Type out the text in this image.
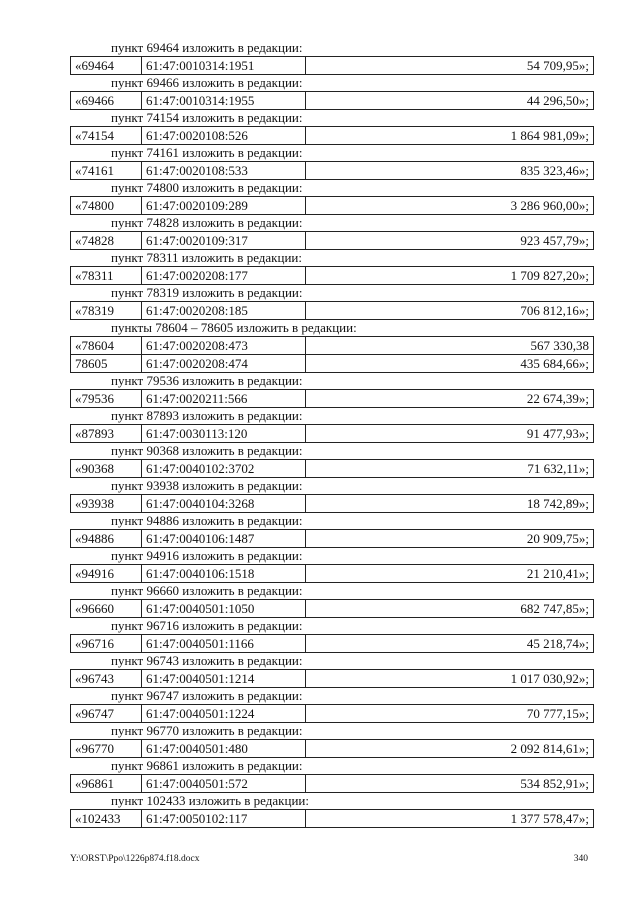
пункт 69464 изложить в редакции:
«69464	61:47:0010314:1951	54 709,95»;
пункт 69466 изложить в редакции:
«69466	61:47:0010314:1955	44 296,50»;
пункт 74154 изложить в редакции:
«74154	61:47:0020108:526	1 864 981,09»;
пункт 74161 изложить в редакции:
«74161	61:47:0020108:533	835 323,46»;
пункт 74800 изложить в редакции:
«74800	61:47:0020109:289	3 286 960,00»;
пункт 74828 изложить в редакции:
«74828	61:47:0020109:317	923 457,79»;
пункт 78311 изложить в редакции:
«78311	61:47:0020208:177	1 709 827,20»;
пункт 78319 изложить в редакции:
«78319	61:47:0020208:185	706 812,16»;
пункты 78604 – 78605 изложить в редакции:
«78604	61:47:0020208:473	567 330,38
78605	61:47:0020208:474	435 684,66»;
пункт 79536 изложить в редакции:
«79536	61:47:0020211:566	22 674,39»;
пункт 87893 изложить в редакции:
«87893	61:47:0030113:120	91 477,93»;
пункт 90368 изложить в редакции:
«90368	61:47:0040102:3702	71 632,11»;
пункт 93938 изложить в редакции:
«93938	61:47:0040104:3268	18 742,89»;
пункт 94886 изложить в редакции:
«94886	61:47:0040106:1487	20 909,75»;
пункт 94916 изложить в редакции:
«94916	61:47:0040106:1518	21 210,41»;
пункт 96660 изложить в редакции:
«96660	61:47:0040501:1050	682 747,85»;
пункт 96716 изложить в редакции:
«96716	61:47:0040501:1166	45 218,74»;
пункт 96743 изложить в редакции:
«96743	61:47:0040501:1214	1 017 030,92»;
пункт 96747 изложить в редакции:
«96747	61:47:0040501:1224	70 777,15»;
пункт 96770 изложить в редакции:
«96770	61:47:0040501:480	2 092 814,61»;
пункт 96861 изложить в редакции:
«96861	61:47:0040501:572	534 852,91»;
пункт 102433 изложить в редакции:
«102433	61:47:0050102:117	1 377 578,47»;
Y:\ORST\Ppo\1226p874.f18.docx	340
